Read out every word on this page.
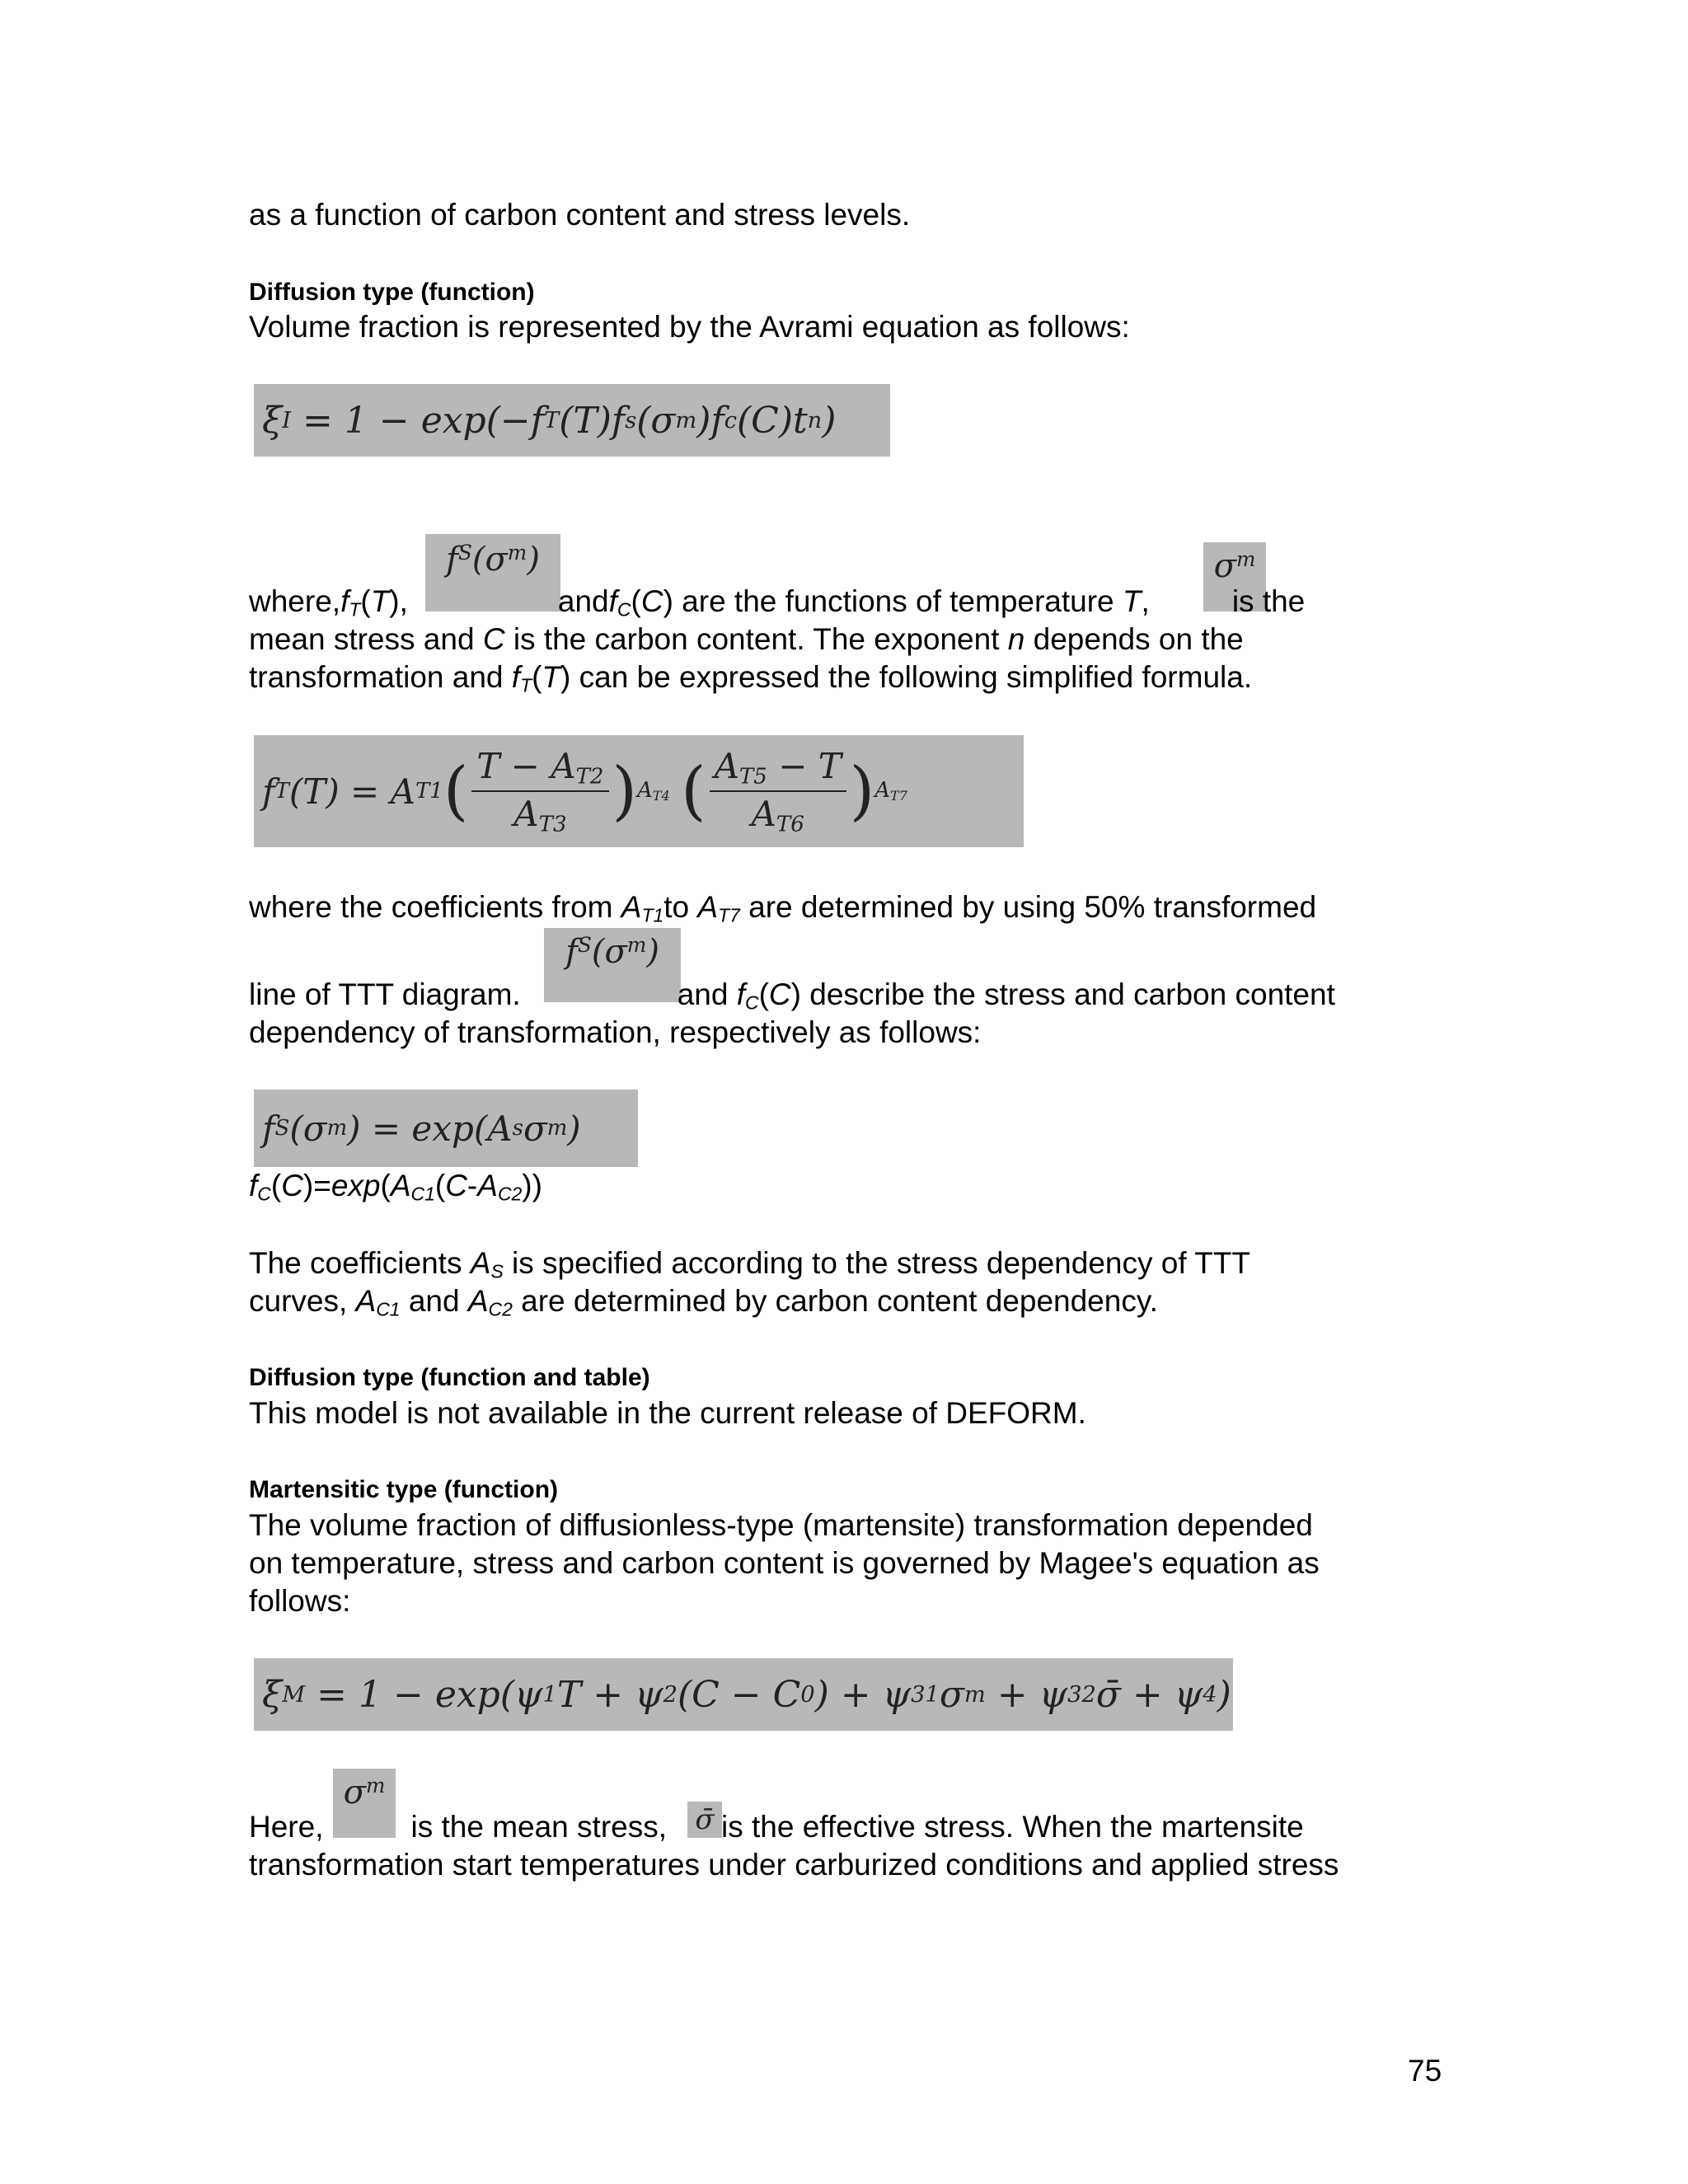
as a function of carbon content and stress levels.
Diffusion type (function)
Volume fraction is represented by the Avrami equation as follows:
ξ I = 1 − exp(−f T (T)f s (σ m )f c (C)t n )
f S (σ m )	σ m
$where,f_T(T)$,	andf$_C$(C) are the functions of temperature T,	is the
mean stress and C is the carbon content. The exponent n depends on the
transformation and $f_T(T)$ can be expressed the following simplified formula.
f T (T) = A T1 ( $\frac{T - A_{T2}}{A_{T3}}$ ) $A_{T4}$
( $\frac{A_{T5} - T}{A_{T6}}$ ) $A_{T7}$
where the coefficients from $A_{T1}to$ $A_{T7}$ are determined by using 50% transformed
f S (σ m )
line of TTT diagram.	and $f_C(C)$ describe the stress and carbon content
dependency of transformation, respectively as follows:
f S (σ m ) = exp(A s σ m )
$f_C(C)=\exp(A_{C1}(C-A_{C2}))$
The coefficients $A_S$ is specified according to the stress dependency of TTT
curves, $A_{C1}$ and $A_{C2}$ are determined by carbon content dependency.
Diffusion type (function and table)
This model is not available in the current release of DEFORM.
Martensitic type (function)
The volume fraction of diffusionless-type (martensite) transformation depended
on temperature, stress and carbon content is governed by Magee's equation as
follows:
ξ M = 1 − exp(ψ 1 T + ψ 2 (C − C 0 ) + ψ 31 σ m + ψ 32 σ̄ + ψ 4 )
σ m
σ̄
Here,	is the mean stress, is the effective stress. When the martensite
transformation start temperatures under carburized conditions and applied stress
75
